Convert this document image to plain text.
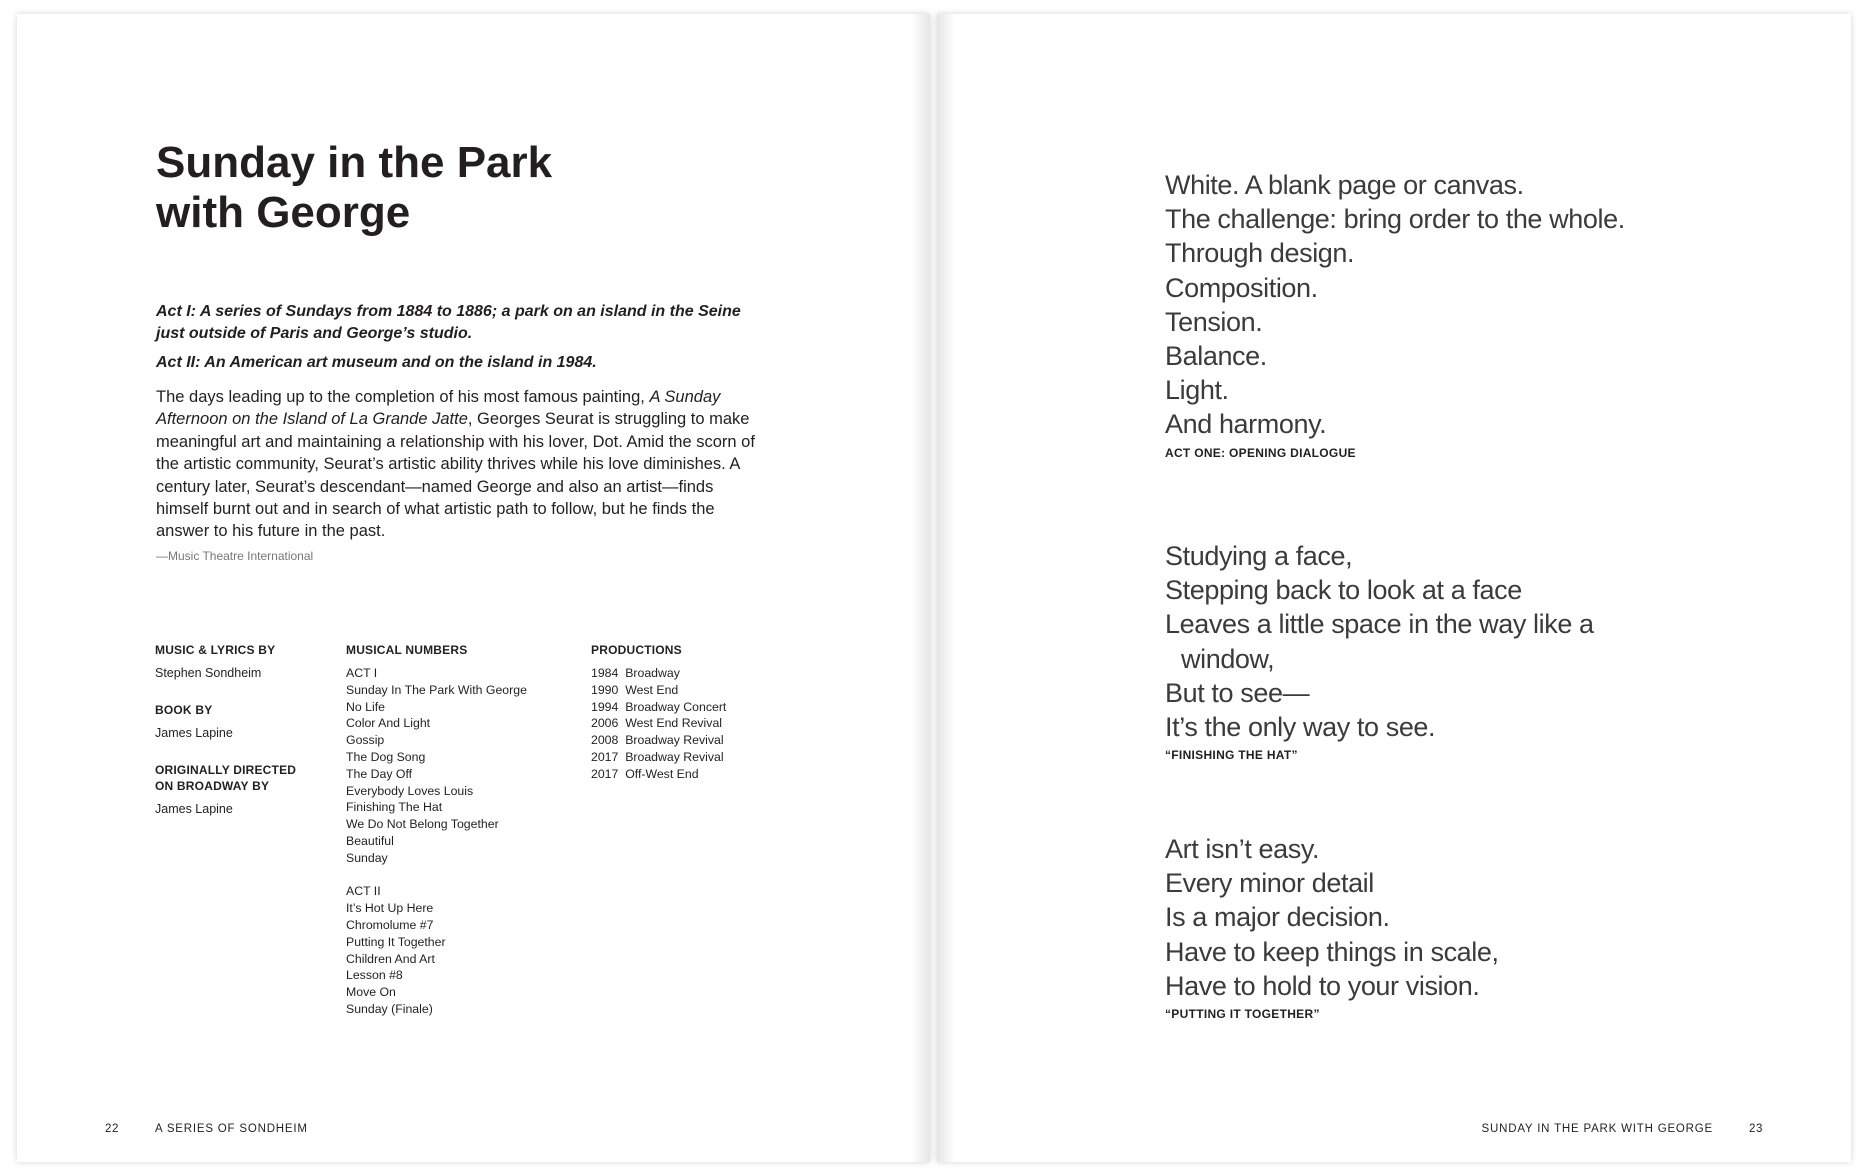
Sunday in the Park
with George

Act I: A series of Sundays from 1884 to 1886; a park on an island in the Seine just outside of Paris and George’s studio.

Act II: An American art museum and on the island in 1984.

The days leading up to the completion of his most famous painting, A Sunday Afternoon on the Island of La Grande Jatte, Georges Seurat is struggling to make meaningful art and maintaining a relationship with his lover, Dot. Amid the scorn of the artistic community, Seurat’s artistic ability thrives while his love diminishes. A century later, Seurat’s descendant—named George and also an artist—finds himself burnt out and in search of what artistic path to follow, but he finds the answer to his future in the past.

—Music Theatre International
MUSIC & LYRICS BY
Stephen Sondheim
BOOK BY
James Lapine
ORIGINALLY DIRECTED ON BROADWAY BY
James Lapine
MUSICAL NUMBERS
ACT I
Sunday In The Park With George
No Life
Color And Light
Gossip
The Dog Song
The Day Off
Everybody Loves Louis
Finishing The Hat
We Do Not Belong Together
Beautiful
Sunday
ACT II
It’s Hot Up Here
Chromolume #7
Putting It Together
Children And Art
Lesson #8
Move On
Sunday (Finale)
PRODUCTIONS
1984  Broadway
1990  West End
1994  Broadway Concert
2006  West End Revival
2008  Broadway Revival
2017  Broadway Revival
2017  Off-West End
22	A SERIES OF SONDHEIM
White. A blank page or canvas.
The challenge: bring order to the whole.
Through design.
Composition.
Tension.
Balance.
Light.
And harmony.
ACT ONE: OPENING DIALOGUE
Studying a face,
Stepping back to look at a face
Leaves a little space in the way like a
window,
But to see—
It’s the only way to see.
“FINISHING THE HAT”
Art isn’t easy.
Every minor detail
Is a major decision.
Have to keep things in scale,
Have to hold to your vision.
“PUTTING IT TOGETHER”
SUNDAY IN THE PARK WITH GEORGE	23
